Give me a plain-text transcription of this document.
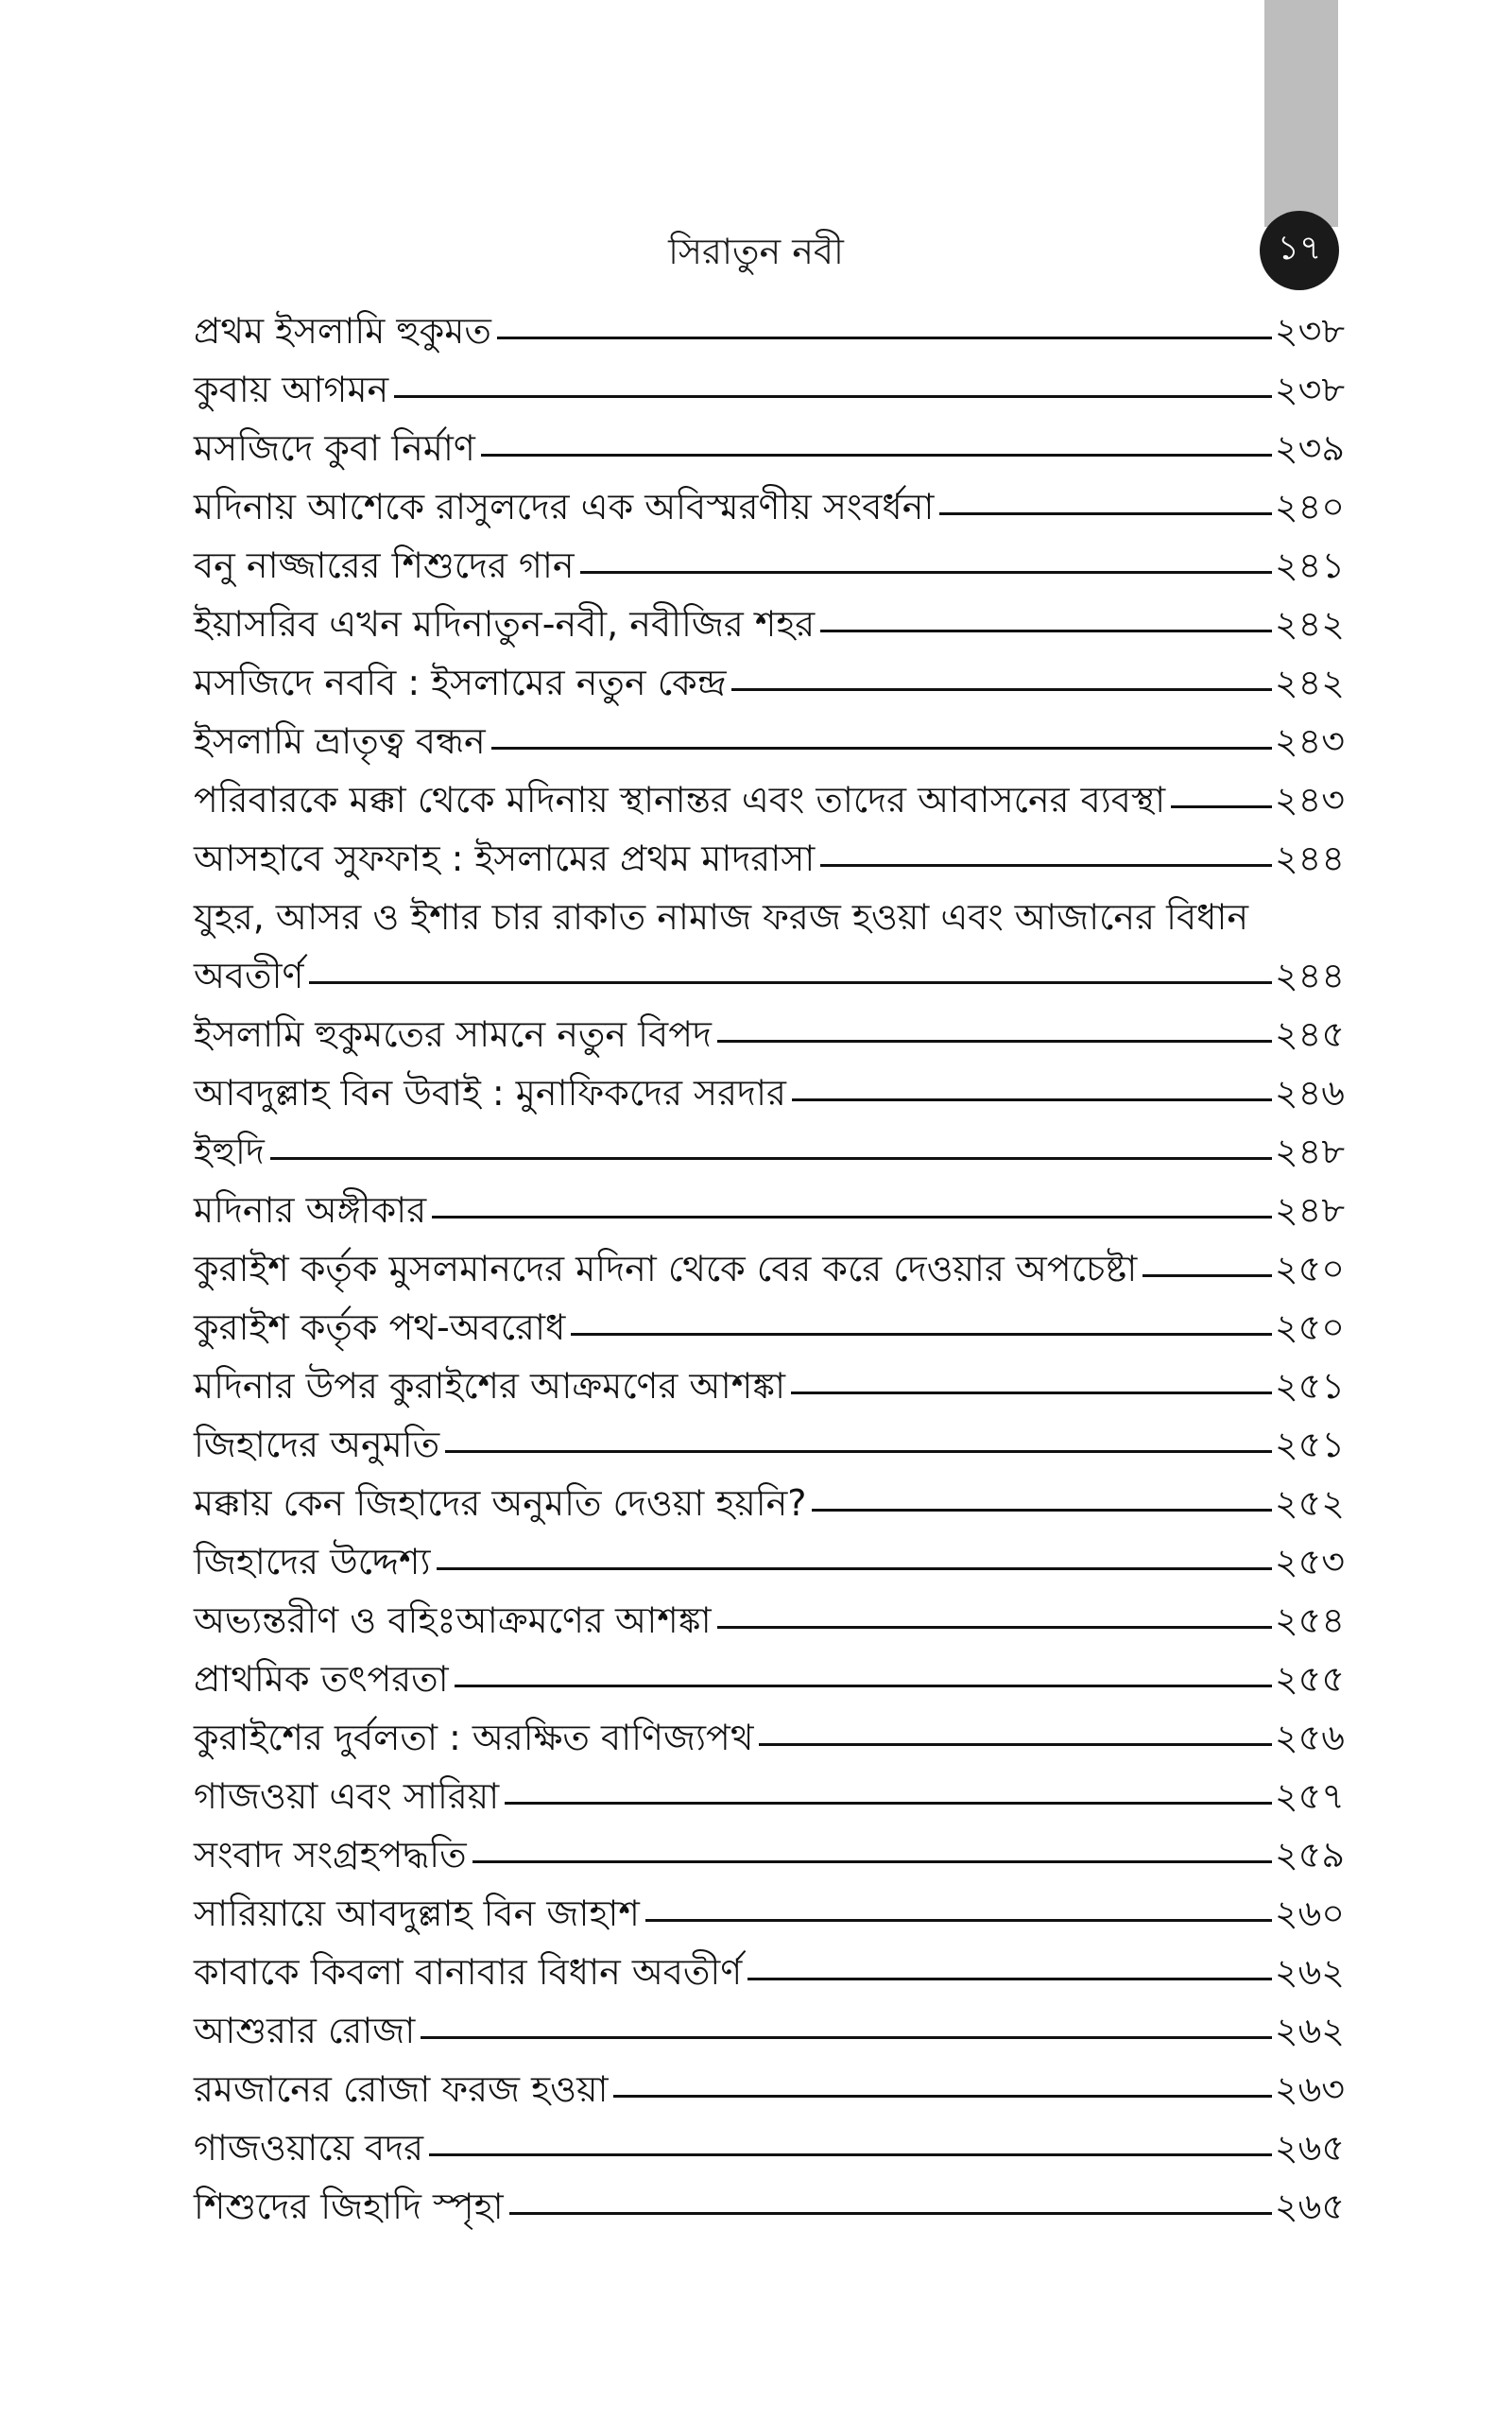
১৭
সিরাতুন নবী
প্রথম ইসলামি হুকুমত	২৩৮
কুবায় আগমন	২৩৮
মসজিদে কুবা নির্মাণ	২৩৯
মদিনায় আশেকে রাসুলদের এক অবিস্মরণীয় সংবর্ধনা	২৪০
বনু নাজ্জারের শিশুদের গান	২৪১
ইয়াসরিব এখন মদিনাতুন-নবী, নবীজির শহর	২৪২
মসজিদে নববি : ইসলামের নতুন কেন্দ্র	২৪২
ইসলামি ভ্রাতৃত্ব বন্ধন	২৪৩
পরিবারকে মক্কা থেকে মদিনায় স্থানান্তর এবং তাদের আবাসনের ব্যবস্থা	২৪৩
আসহাবে সুফফাহ : ইসলামের প্রথম মাদরাসা	২৪৪
যুহর, আসর ও ইশার চার রাকাত নামাজ ফরজ হওয়া এবং আজানের বিধান
অবতীর্ণ	২৪৪
ইসলামি হুকুমতের সামনে নতুন বিপদ	২৪৫
আবদুল্লাহ বিন উবাই : মুনাফিকদের সরদার	২৪৬
ইহুদি	২৪৮
মদিনার অঙ্গীকার	২৪৮
কুরাইশ কর্তৃক মুসলমানদের মদিনা থেকে বের করে দেওয়ার অপচেষ্টা	২৫০
কুরাইশ কর্তৃক পথ-অবরোধ	২৫০
মদিনার উপর কুরাইশের আক্রমণের আশঙ্কা	২৫১
জিহাদের অনুমতি	২৫১
মক্কায় কেন জিহাদের অনুমতি দেওয়া হয়নি?	২৫২
জিহাদের উদ্দেশ্য	২৫৩
অভ্যন্তরীণ ও বহিঃআক্রমণের আশঙ্কা	২৫৪
প্রাথমিক তৎপরতা	২৫৫
কুরাইশের দুর্বলতা : অরক্ষিত বাণিজ্যপথ	২৫৬
গাজওয়া এবং সারিয়া	২৫৭
সংবাদ সংগ্রহপদ্ধতি	২৫৯
সারিয়ায়ে আবদুল্লাহ বিন জাহাশ	২৬০
কাবাকে কিবলা বানাবার বিধান অবতীর্ণ	২৬২
আশুরার রোজা	২৬২
রমজানের রোজা ফরজ হওয়া	২৬৩
গাজওয়ায়ে বদর	২৬৫
শিশুদের জিহাদি স্পৃহা	২৬৫
